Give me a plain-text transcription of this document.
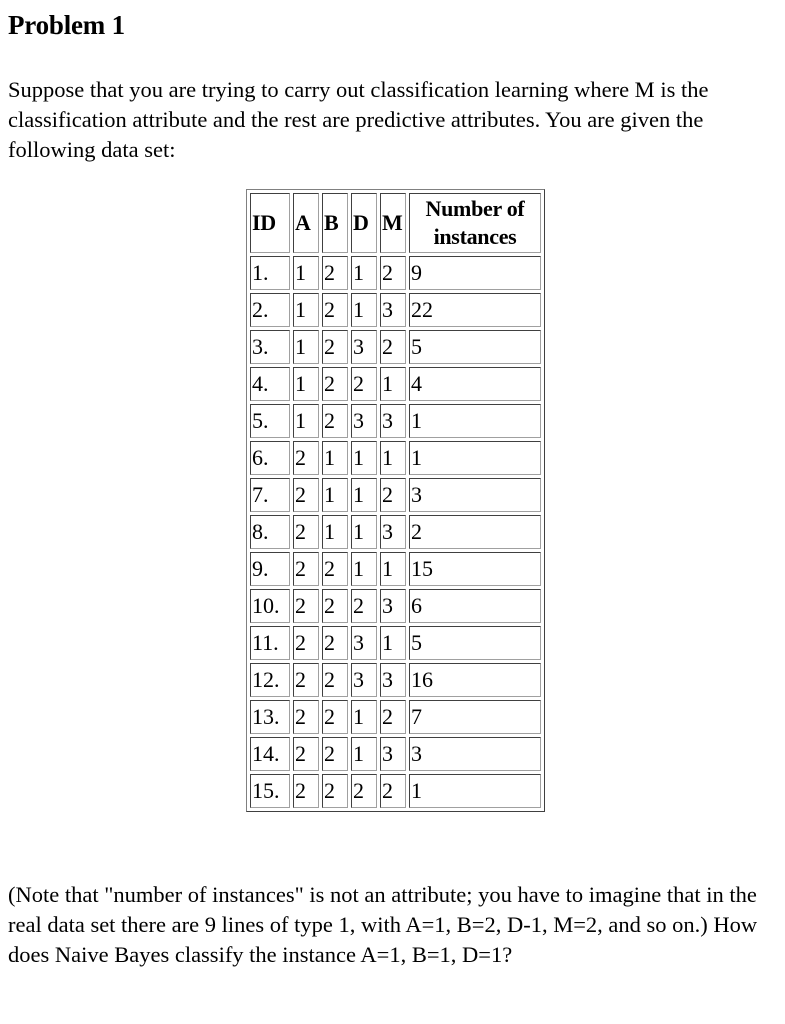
Problem 1

Suppose that you are trying to carry out classification learning where M is the classification attribute and the rest are predictive attributes. You are given the following data set:

ID	A	B	D	M	Number of instances
1.	1	2	1	2	9
2.	1	2	1	3	22
3.	1	2	3	2	5
4.	1	2	2	1	4
5.	1	2	3	3	1
6.	2	1	1	1	1
7.	2	1	1	2	3
8.	2	1	1	3	2
9.	2	2	1	1	15
10.	2	2	2	3	6
11.	2	2	3	1	5
12.	2	2	3	3	16
13.	2	2	1	2	7
14.	2	2	1	3	3
15.	2	2	2	2	1

(Note that "number of instances" is not an attribute; you have to imagine that in the real data set there are 9 lines of type 1, with A=1, B=2, D-1, M=2, and so on.) How does Naive Bayes classify the instance A=1, B=1, D=1?
